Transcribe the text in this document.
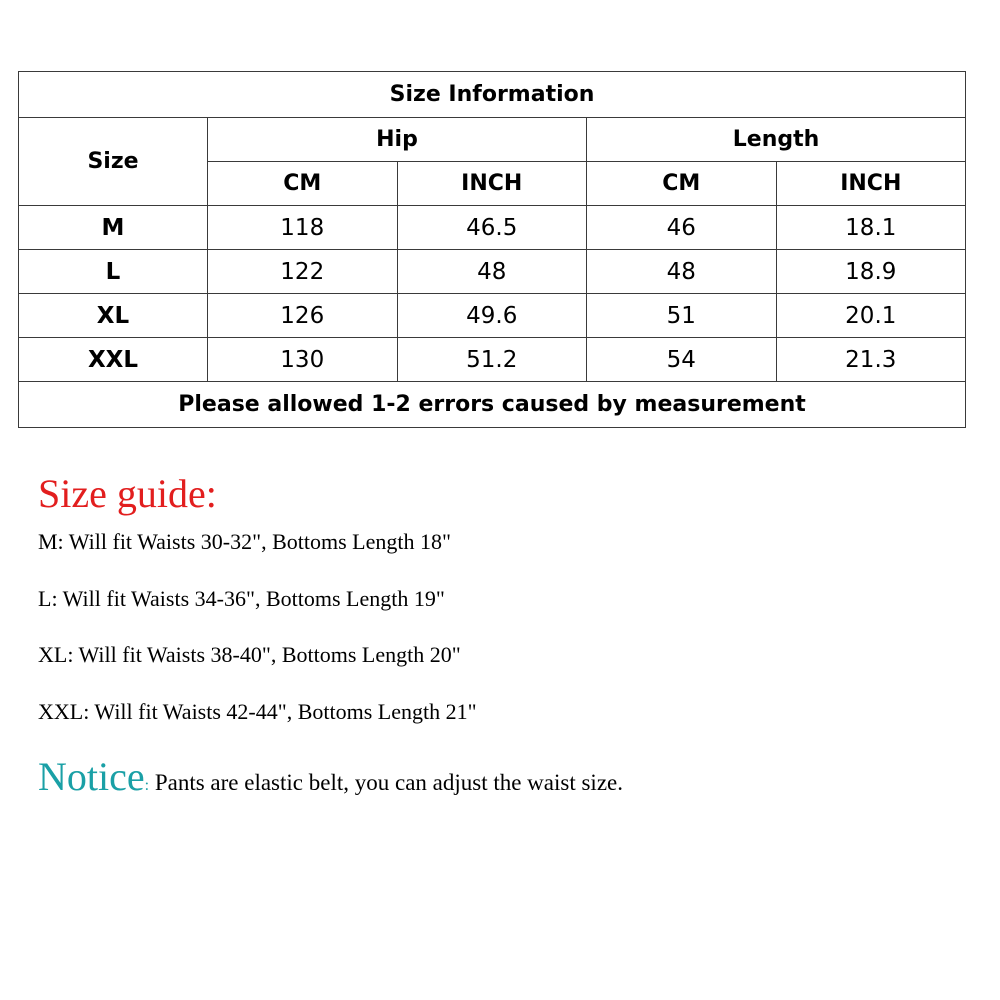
Size Information				
Size	Hip		Length	
	CM	INCH	CM	INCH
M	118	46.5	46	18.1
L	122	48	48	18.9
XL	126	49.6	51	20.1
XXL	130	51.2	54	21.3
Please allowed 1-2 errors caused by measurement				
Size guide:

M: Will fit Waists 30-32", Bottoms Length 18"

L: Will fit Waists 34-36", Bottoms Length 19"

XL: Will fit Waists 38-40", Bottoms Length 20"

XXL: Will fit Waists 42-44", Bottoms Length 21"

Notice: Pants are elastic belt, you can adjust the waist size.
